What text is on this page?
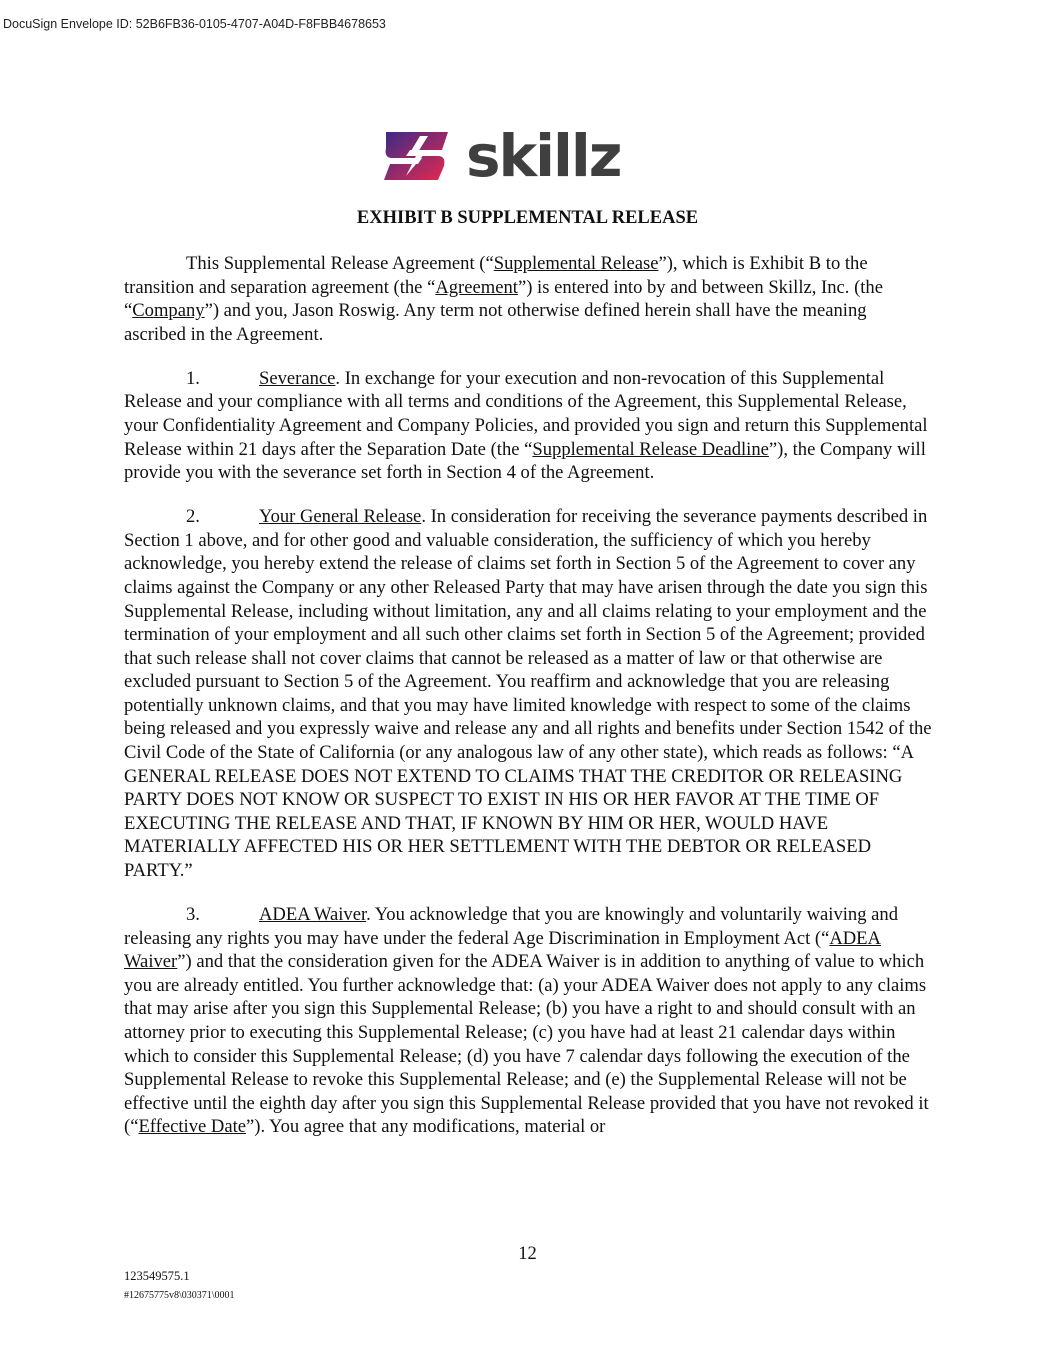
DocuSign Envelope ID: 52B6FB36-0105-4707-A04D-F8FBB4678653
skillz
EXHIBIT B SUPPLEMENTAL RELEASE

This Supplemental Release Agreement (“Supplemental Release”), which is Exhibit B to the transition and separation agreement (the “Agreement”) is entered into by and between Skillz, Inc. (the “Company”) and you, Jason Roswig. Any term not otherwise defined herein shall have the meaning ascribed in the Agreement.

1.	Severance. In exchange for your execution and non-revocation of this Supplemental Release and your compliance with all terms and conditions of the Agreement, this Supplemental Release, your Confidentiality Agreement and Company Policies, and provided you sign and return this Supplemental Release within 21 days after the Separation Date (the “Supplemental Release Deadline”), the Company will provide you with the severance set forth in Section 4 of the Agreement.

2.	Your General Release. In consideration for receiving the severance payments described in Section 1 above, and for other good and valuable consideration, the sufficiency of which you hereby acknowledge, you hereby extend the release of claims set forth in Section 5 of the Agreement to cover any claims against the Company or any other Released Party that may have arisen through the date you sign this Supplemental Release, including without limitation, any and all claims relating to your employment and the termination of your employment and all such other claims set forth in Section 5 of the Agreement; provided that such release shall not cover claims that cannot be released as a matter of law or that otherwise are excluded pursuant to Section 5 of the Agreement. You reaffirm and acknowledge that you are releasing potentially unknown claims, and that you may have limited knowledge with respect to some of the claims being released and you expressly waive and release any and all rights and benefits under Section 1542 of the Civil Code of the State of California (or any analogous law of any other state), which reads as follows: “A GENERAL RELEASE DOES NOT EXTEND TO CLAIMS THAT THE CREDITOR OR RELEASING PARTY DOES NOT KNOW OR SUSPECT TO EXIST IN HIS OR HER FAVOR AT THE TIME OF EXECUTING THE RELEASE AND THAT, IF KNOWN BY HIM OR HER, WOULD HAVE MATERIALLY AFFECTED HIS OR HER SETTLEMENT WITH THE DEBTOR OR RELEASED PARTY.”

3.	ADEA Waiver. You acknowledge that you are knowingly and voluntarily waiving and releasing any rights you may have under the federal Age Discrimination in Employment Act (“ADEA Waiver”) and that the consideration given for the ADEA Waiver is in addition to anything of value to which you are already entitled. You further acknowledge that: (a) your ADEA Waiver does not apply to any claims that may arise after you sign this Supplemental Release; (b) you have a right to and should consult with an attorney prior to executing this Supplemental Release; (c) you have had at least 21 calendar days within which to consider this Supplemental Release; (d) you have 7 calendar days following the execution of the Supplemental Release to revoke this Supplemental Release; and (e) the Supplemental Release will not be effective until the eighth day after you sign this Supplemental Release provided that you have not revoked it (“Effective Date”). You agree that any modifications, material or

12
123549575.1
#12675775v8\030371\0001
